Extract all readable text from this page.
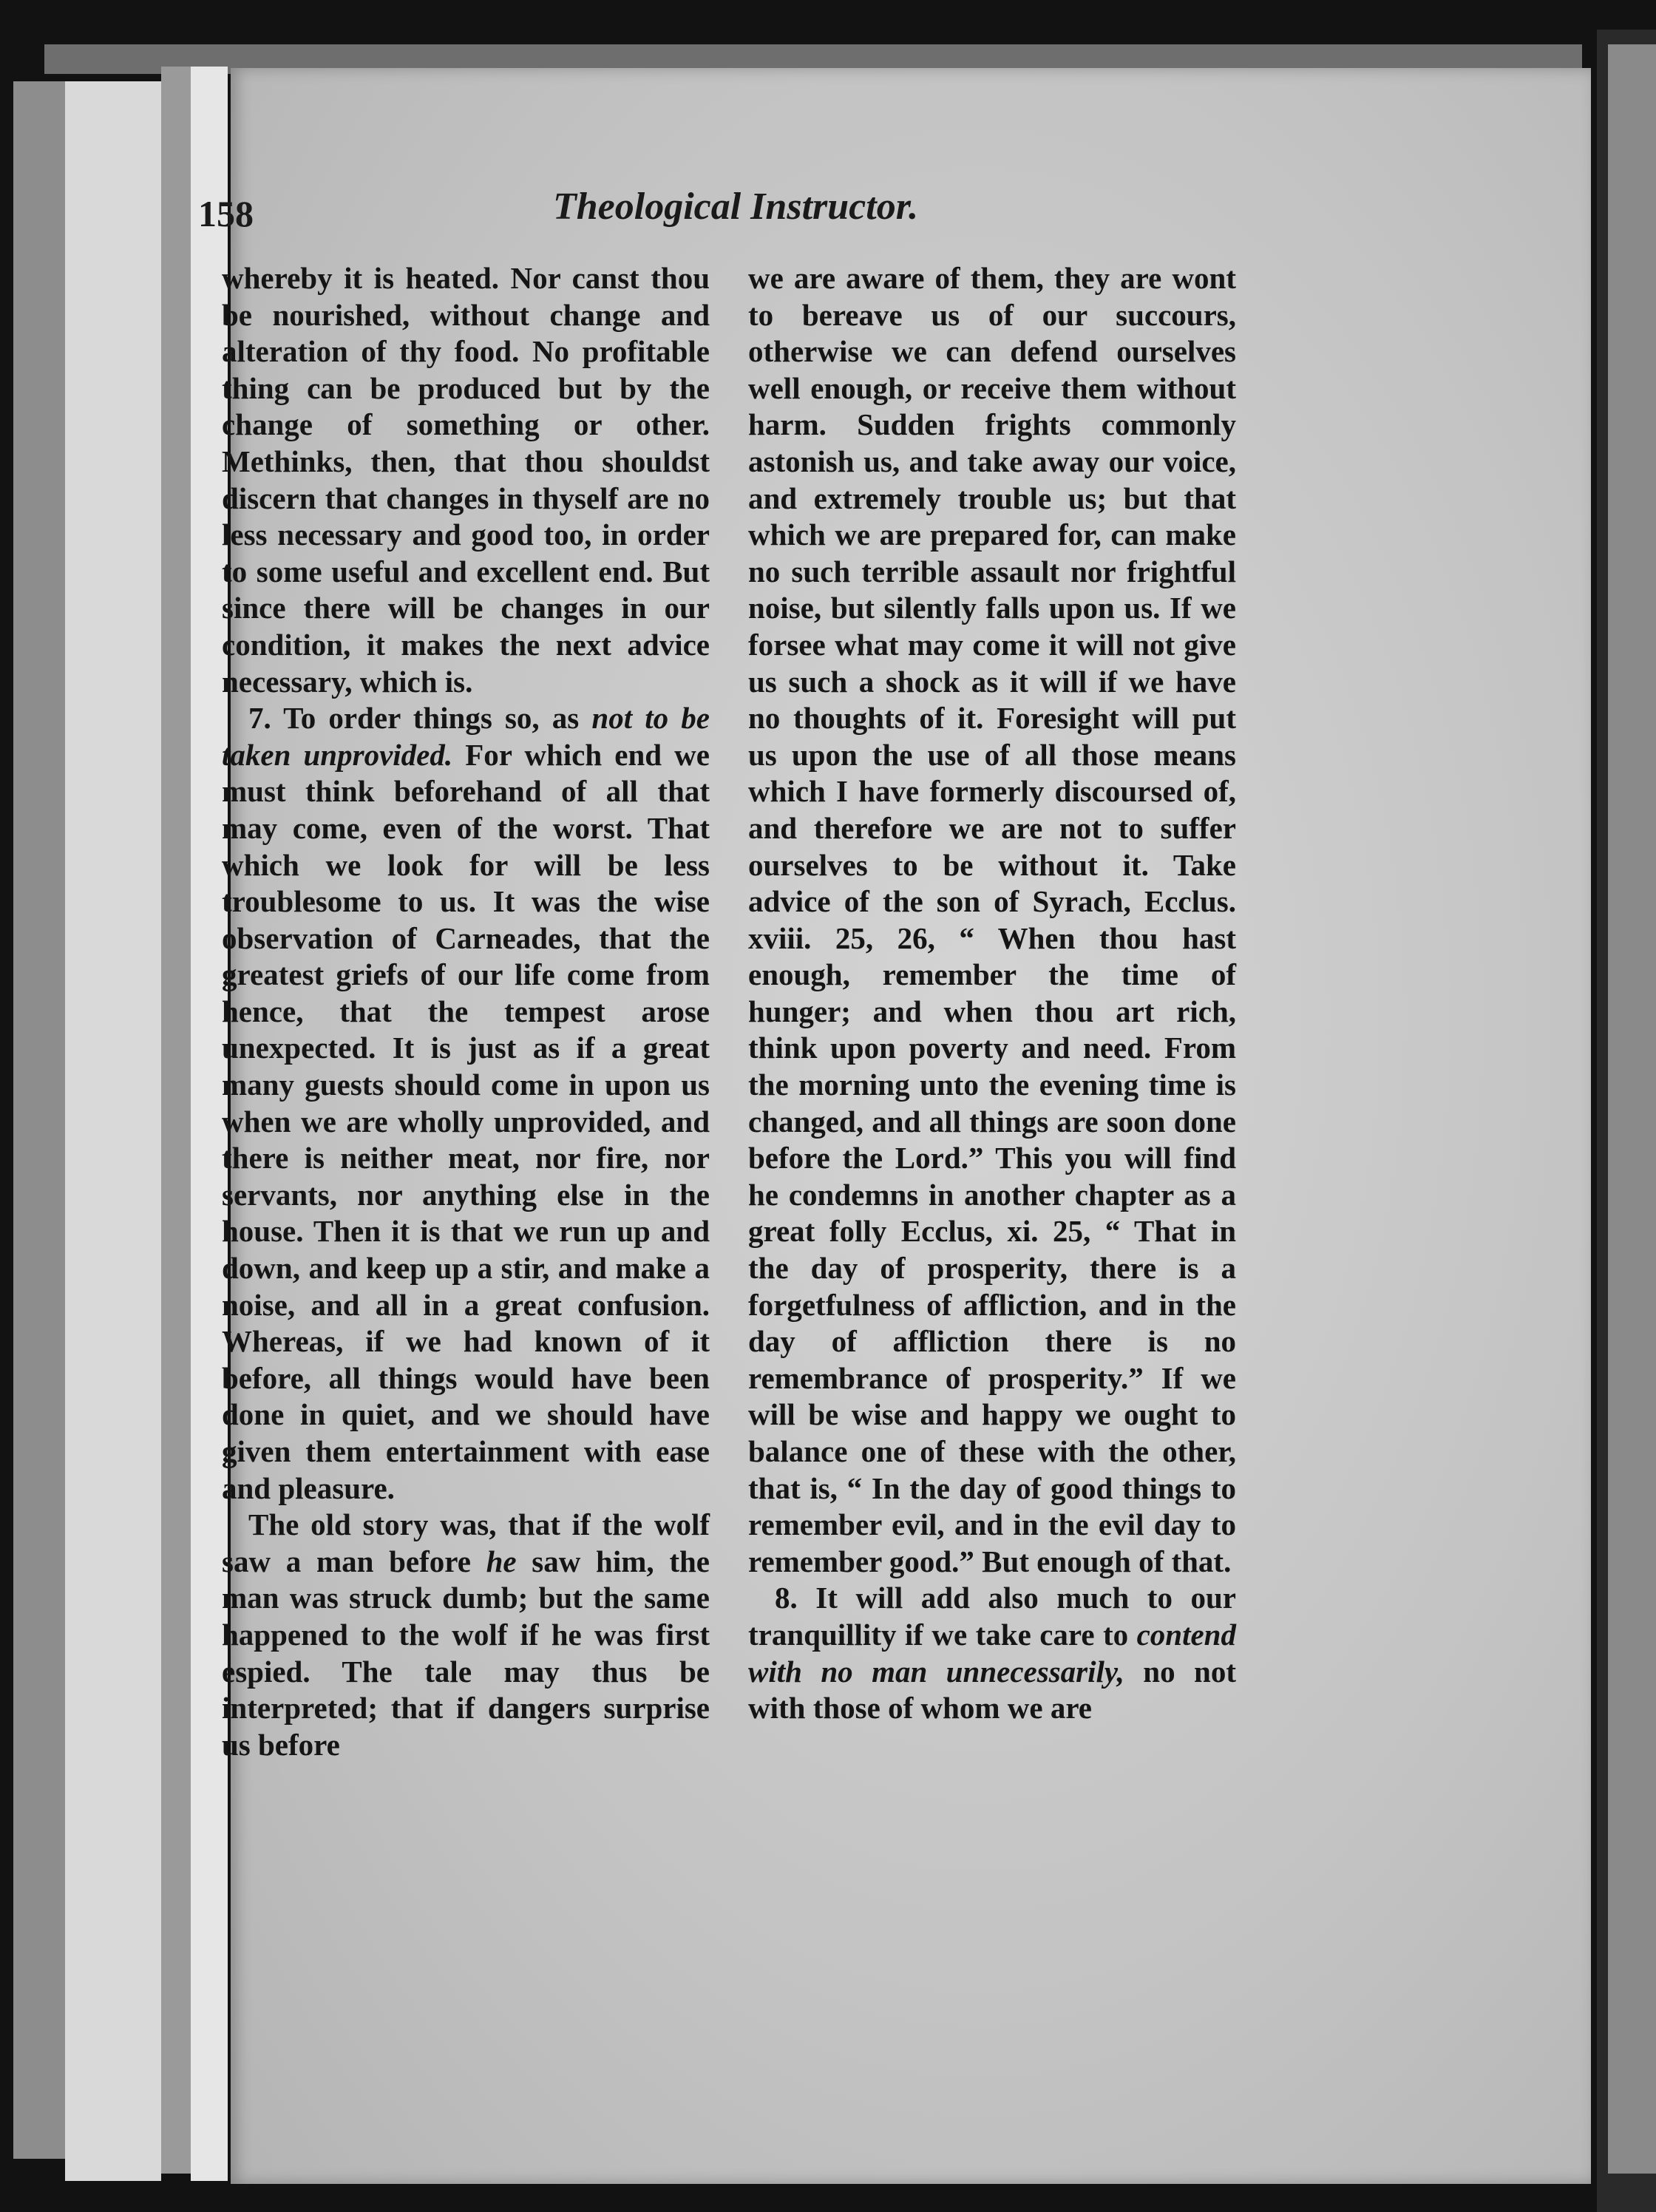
158	Theological Instructor.

whereby it is heated. Nor canst thou be nourished, without change and alteration of thy food. No profitable thing can be produced but by the change of something or other. Methinks, then, that thou shouldst discern that changes in thyself are no less necessary and good too, in order to some useful and excellent end. But since there will be changes in our condition, it makes the next advice necessary, which is.

7. To order things so, as not to be taken unprovided. For which end we must think beforehand of all that may come, even of the worst. That which we look for will be less troublesome to us. It was the wise observation of Carneades, that the greatest griefs of our life come from hence, that the tempest arose unexpected. It is just as if a great many guests should come in upon us when we are wholly unprovided, and there is neither meat, nor fire, nor servants, nor anything else in the house. Then it is that we run up and down, and keep up a stir, and make a noise, and all in a great confusion. Whereas, if we had known of it before, all things would have been done in quiet, and we should have given them entertainment with ease and pleasure.

The old story was, that if the wolf saw a man before he saw him, the man was struck dumb; but the same happened to the wolf if he was first espied. The tale may thus be interpreted; that if dangers surprise us before

we are aware of them, they are wont to bereave us of our succours, otherwise we can defend ourselves well enough, or receive them without harm. Sudden frights commonly astonish us, and take away our voice, and extremely trouble us; but that which we are prepared for, can make no such terrible assault nor frightful noise, but silently falls upon us. If we forsee what may come it will not give us such a shock as it will if we have no thoughts of it. Foresight will put us upon the use of all those means which I have formerly discoursed of, and therefore we are not to suffer ourselves to be without it. Take advice of the son of Syrach, Ecclus. xviii. 25, 26, “ When thou hast enough, remember the time of hunger; and when thou art rich, think upon poverty and need. From the morning unto the evening time is changed, and all things are soon done before the Lord.” This you will find he condemns in another chapter as a great folly Ecclus, xi. 25, “ That in the day of prosperity, there is a forgetfulness of affliction, and in the day of affliction there is no remembrance of prosperity.” If we will be wise and happy we ought to balance one of these with the other, that is, “ In the day of good things to remember evil, and in the evil day to remember good.” But enough of that.

8. It will add also much to our tranquillity if we take care to contend with no man unnecessarily, no not with those of whom we are
